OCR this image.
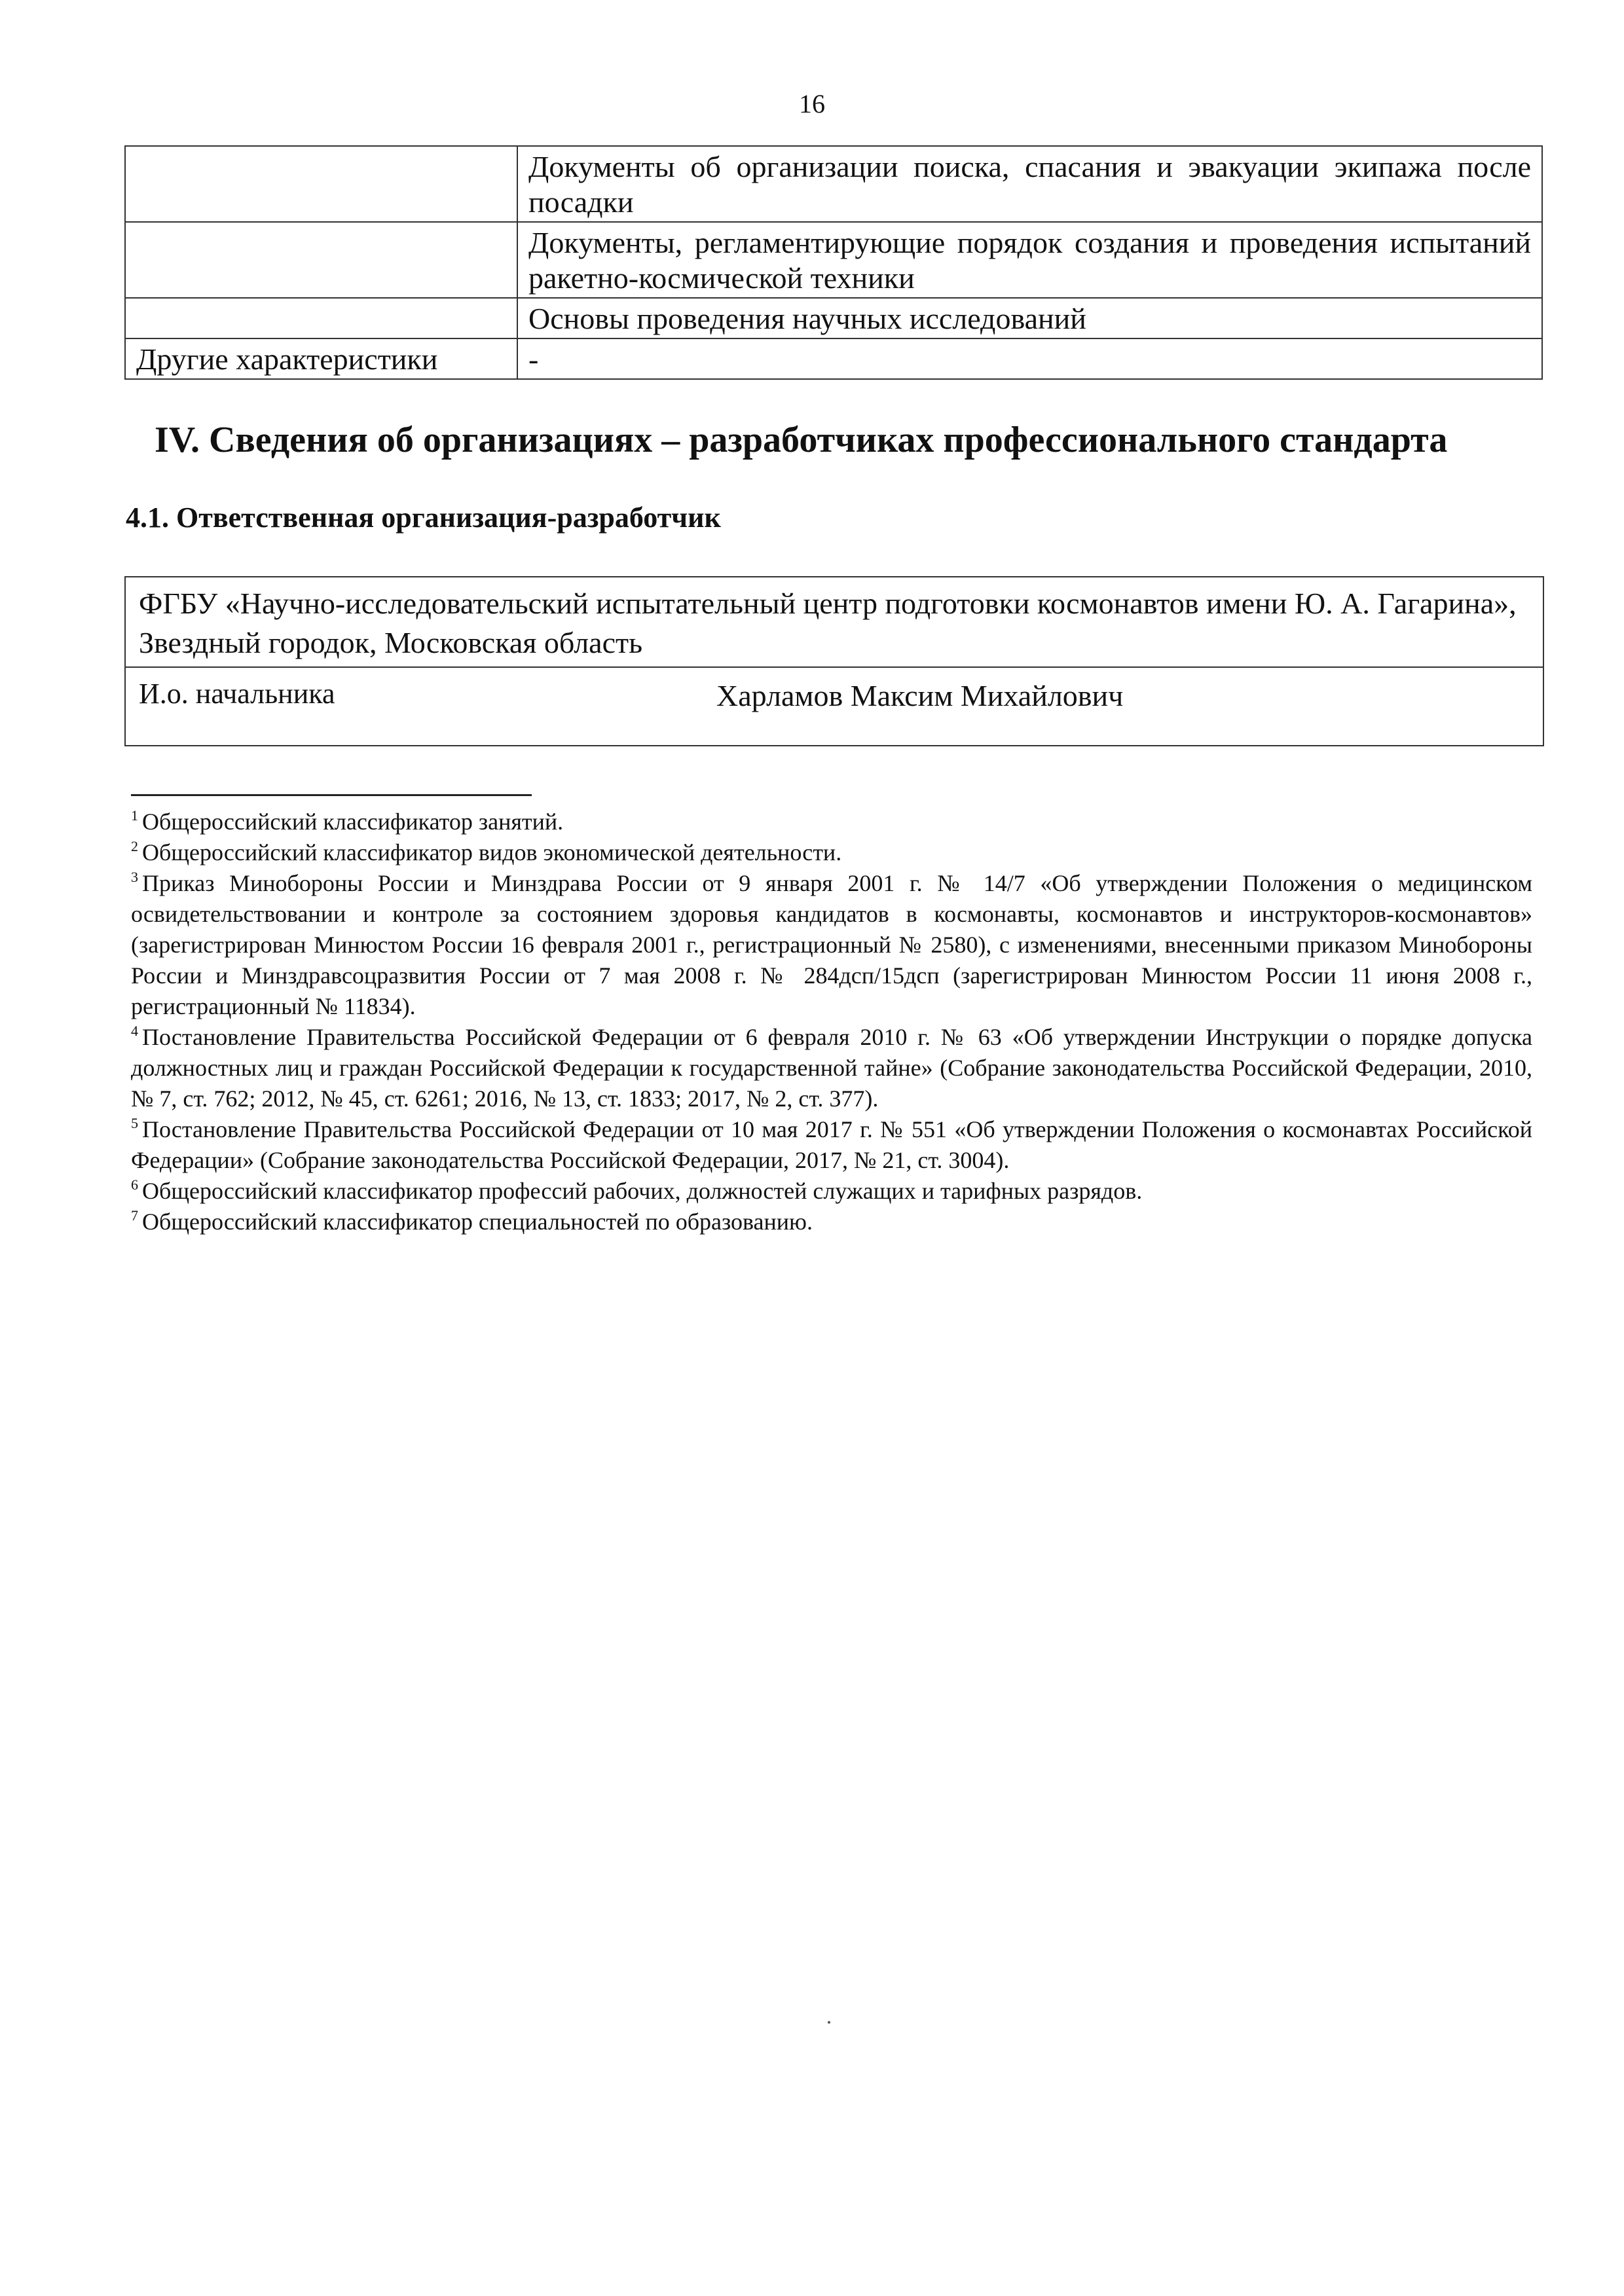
16
	Документы об организации поиска, спасания и эвакуации экипажа после посадки
	Документы, регламентирующие порядок создания и проведения испытаний ракетно-космической техники
	Основы проведения научных исследований
Другие характеристики	-
IV. Сведения об организациях – разработчиках профессионального стандарта
4.1. Ответственная организация-разработчик
ФГБУ «Научно-исследовательский испытательный центр подготовки космонавтов имени Ю. А. Гагарина», Звездный городок, Московская область
И.о. начальника	Харламов Максим Михайлович

$^1$ Общероссийский классификатор занятий.

$^2$ Общероссийский классификатор видов экономической деятельности.

$^3$ Приказ Минобороны России и Минздрава России от 9 января 2001 г. № 14/7 «Об утверждении Положения о медицинском освидетельствовании и контроле за состоянием здоровья кандидатов в космонавты, космонавтов и инструкторов-космонавтов» (зарегистрирован Минюстом России 16 февраля 2001 г., регистрационный № 2580), с изменениями, внесенными приказом Минобороны России и Минздравсоцразвития России от 7 мая 2008 г. № 284дсп/15дсп (зарегистрирован Минюстом России 11 июня 2008 г., регистрационный № 11834).

$^4$ Постановление Правительства Российской Федерации от 6 февраля 2010 г. № 63 «Об утверждении Инструкции о порядке допуска должностных лиц и граждан Российской Федерации к государственной тайне» (Собрание законодательства Российской Федерации, 2010, № 7, ст. 762; 2012, № 45, ст. 6261; 2016, № 13, ст. 1833; 2017, № 2, ст. 377).

$^5$ Постановление Правительства Российской Федерации от 10 мая 2017 г. № 551 «Об утверждении Положения о космонавтах Российской Федерации» (Собрание законодательства Российской Федерации, 2017, № 21, ст. 3004).

$^6$ Общероссийский классификатор профессий рабочих, должностей служащих и тарифных разрядов.

$^7$ Общероссийский классификатор специальностей по образованию.
